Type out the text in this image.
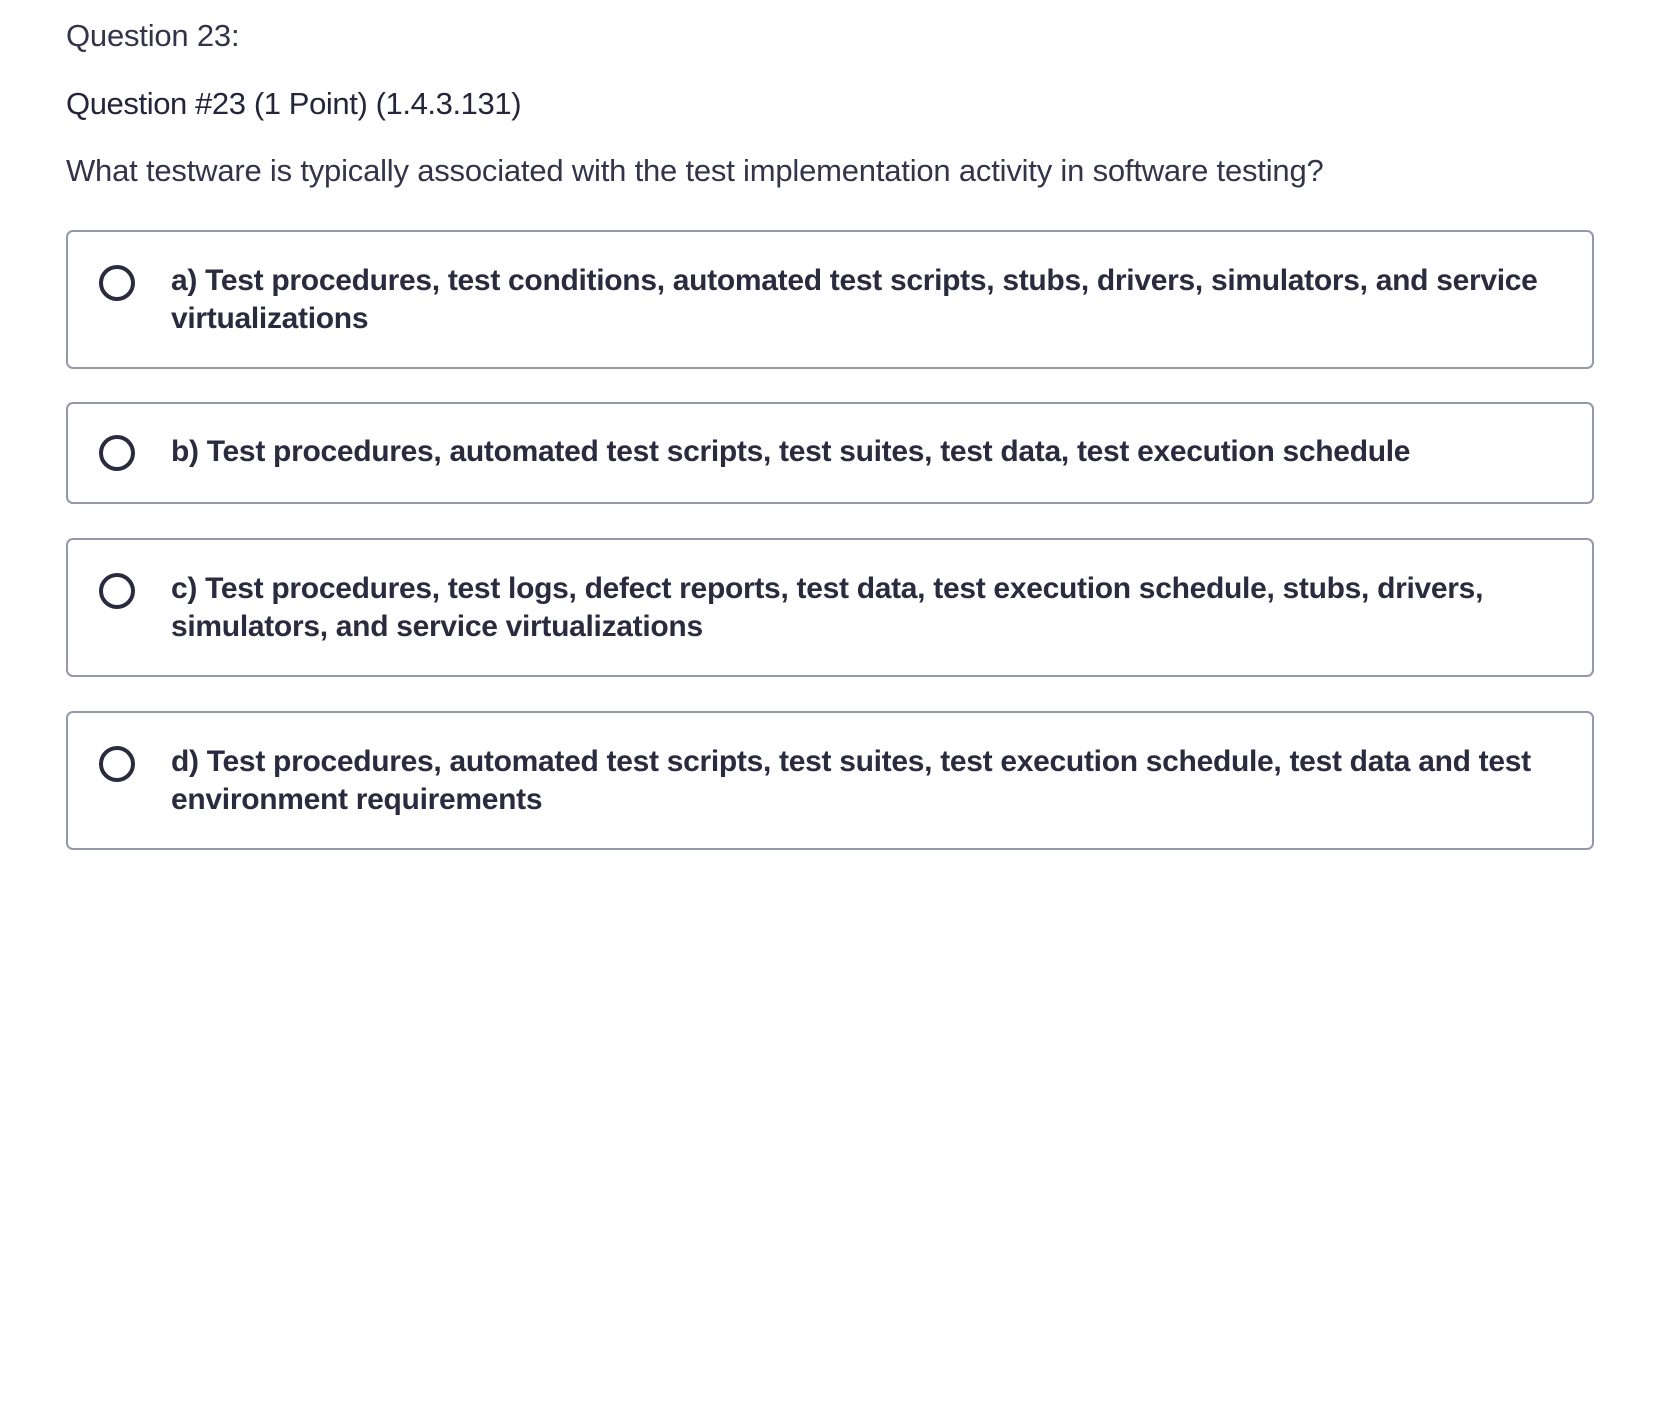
Question 23:
Question #23 (1 Point) (1.4.3.131)
What testware is typically associated with the test implementation activity in software testing?
a) Test procedures, test conditions, automated test scripts, stubs, drivers, simulators, and service virtualizations
b) Test procedures, automated test scripts, test suites, test data, test execution schedule
c) Test procedures, test logs, defect reports, test data, test execution schedule, stubs, drivers, simulators, and service virtualizations
d) Test procedures, automated test scripts, test suites, test execution schedule, test data and test environment requirements
